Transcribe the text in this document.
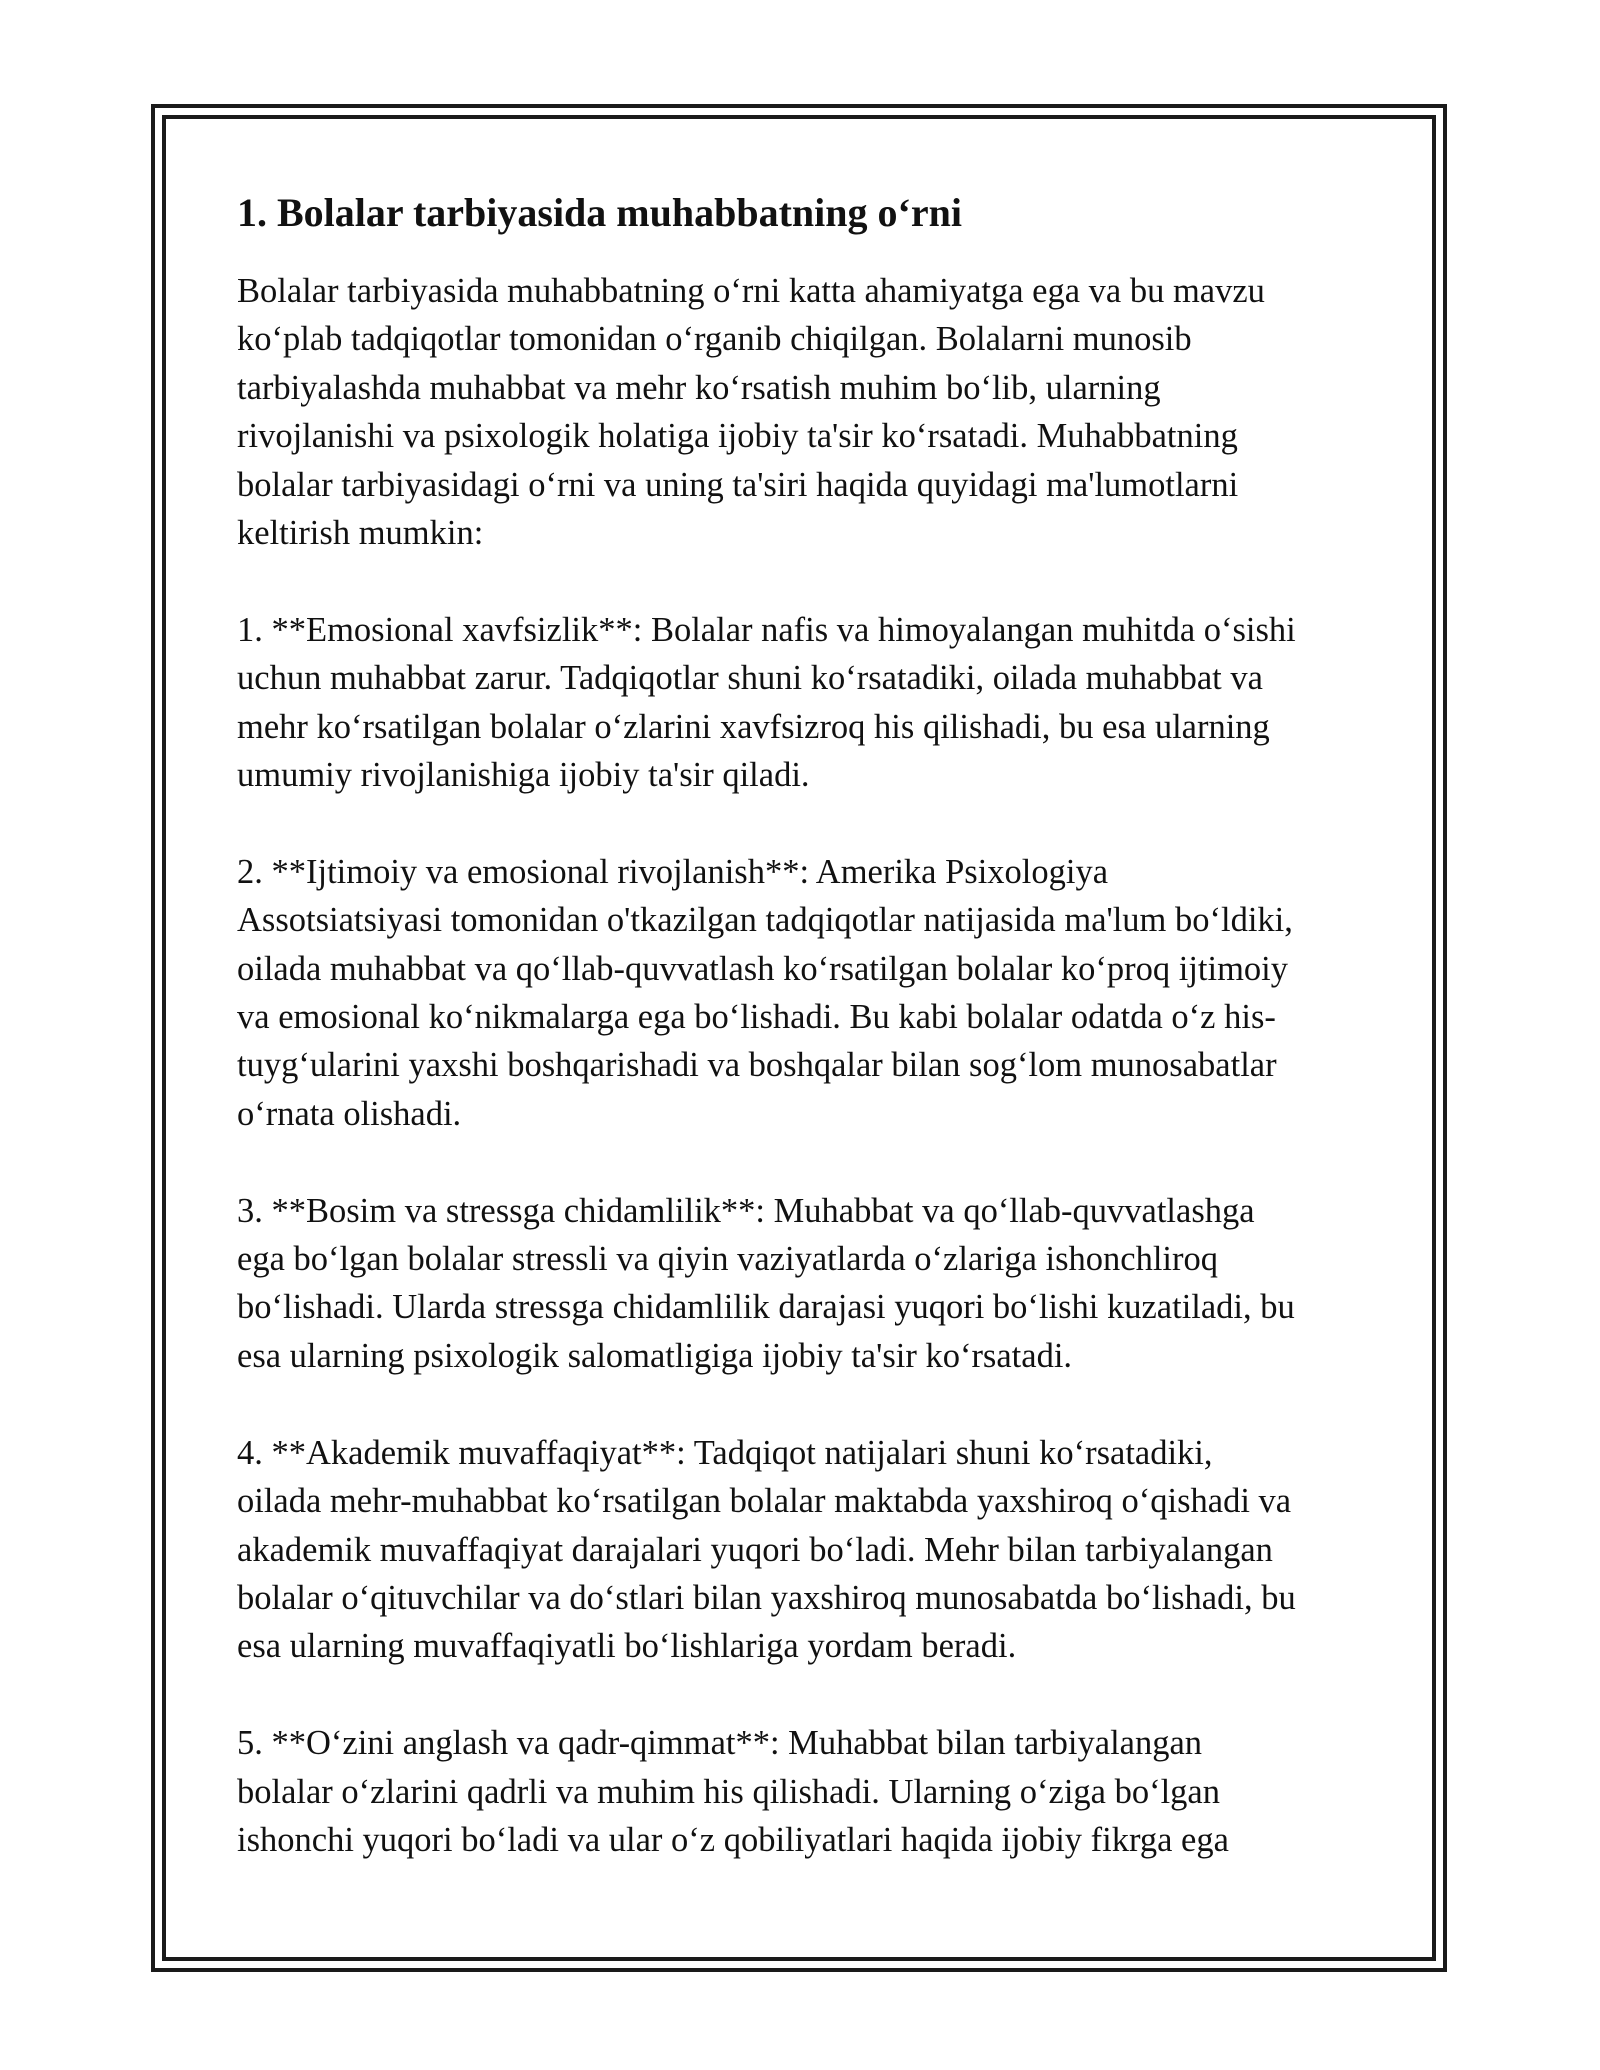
1. Bolalar tarbiyasida muhabbatning oʻrni
Bolalar tarbiyasida muhabbatning oʻrni katta ahamiyatga ega va bu mavzu
koʻplab tadqiqotlar tomonidan oʻrganib chiqilgan. Bolalarni munosib
tarbiyalashda muhabbat va mehr koʻrsatish muhim boʻlib, ularning
rivojlanishi va psixologik holatiga ijobiy ta'sir koʻrsatadi. Muhabbatning
bolalar tarbiyasidagi oʻrni va uning ta'siri haqida quyidagi ma'lumotlarni
keltirish mumkin:
1. **Emosional xavfsizlik**: Bolalar nafis va himoyalangan muhitda oʻsishi
uchun muhabbat zarur. Tadqiqotlar shuni koʻrsatadiki, oilada muhabbat va
mehr koʻrsatilgan bolalar oʻzlarini xavfsizroq his qilishadi, bu esa ularning
umumiy rivojlanishiga ijobiy ta'sir qiladi.
2. **Ijtimoiy va emosional rivojlanish**: Amerika Psixologiya
Assotsiatsiyasi tomonidan o'tkazilgan tadqiqotlar natijasida ma'lum boʻldiki,
oilada muhabbat va qoʻllab-quvvatlash koʻrsatilgan bolalar koʻproq ijtimoiy
va emosional koʻnikmalarga ega boʻlishadi. Bu kabi bolalar odatda oʻz his-
tuygʻularini yaxshi boshqarishadi va boshqalar bilan sogʻlom munosabatlar
oʻrnata olishadi.
3. **Bosim va stressga chidamlilik**: Muhabbat va qoʻllab-quvvatlashga
ega boʻlgan bolalar stressli va qiyin vaziyatlarda oʻzlariga ishonchliroq
boʻlishadi. Ularda stressga chidamlilik darajasi yuqori boʻlishi kuzatiladi, bu
esa ularning psixologik salomatligiga ijobiy ta'sir koʻrsatadi.
4. **Akademik muvaffaqiyat**: Tadqiqot natijalari shuni koʻrsatadiki,
oilada mehr-muhabbat koʻrsatilgan bolalar maktabda yaxshiroq oʻqishadi va
akademik muvaffaqiyat darajalari yuqori boʻladi. Mehr bilan tarbiyalangan
bolalar oʻqituvchilar va doʻstlari bilan yaxshiroq munosabatda boʻlishadi, bu
esa ularning muvaffaqiyatli boʻlishlariga yordam beradi.
5. **Oʻzini anglash va qadr-qimmat**: Muhabbat bilan tarbiyalangan
bolalar oʻzlarini qadrli va muhim his qilishadi. Ularning oʻziga boʻlgan
ishonchi yuqori boʻladi va ular oʻz qobiliyatlari haqida ijobiy fikrga ega
